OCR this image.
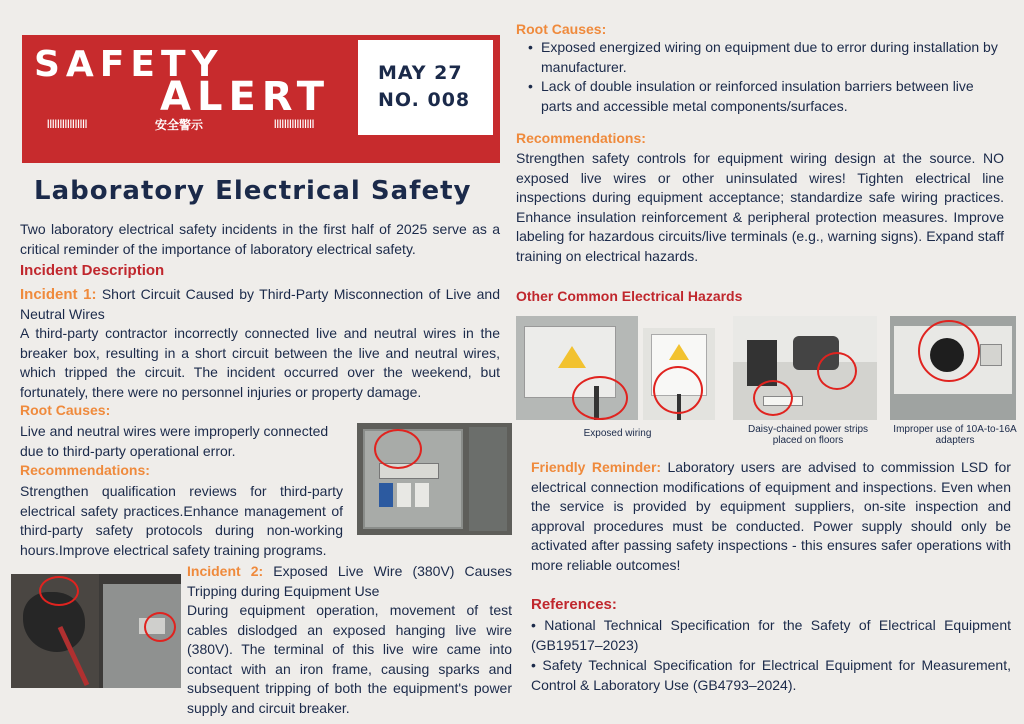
SAFETY
ALERT
||||||||||||||||	安全警示	||||||||||||||||
MAY 27
NO. 008
Laboratory Electrical Safety
Two laboratory electrical safety incidents in the first half of 2025 serve as a critical reminder of the importance of laboratory electrical safety.
Incident Description
Incident 1: Short Circuit Caused by Third-Party Misconnection of Live and Neutral Wires
A third-party contractor incorrectly connected live and neutral wires in the breaker box, resulting in a short circuit between the live and neutral wires, which tripped the circuit. The incident occurred over the weekend, but fortunately, there were no personnel injuries or property damage.
Root Causes:
Live and neutral wires were improperly connected due to third-party operational error.
Recommendations:
Strengthen qualification reviews for third-party electrical safety practices.Enhance management of third-party safety protocols during non-working hours.Improve electrical safety training programs.
Incident 2: Exposed Live Wire (380V) Causes Tripping during Equipment Use
During equipment operation, movement of test cables dislodged an exposed hanging live wire (380V). The terminal of this live wire came into contact with an iron frame, causing sparks and subsequent tripping of both the equipment's power supply and circuit breaker.
Root Causes:
• Exposed energized wiring on equipment due to error during installation by manufacturer.
• Lack of double insulation or reinforced insulation barriers between live parts and accessible metal components/surfaces.
Recommendations:
Strengthen safety controls for equipment wiring design at the source. NO exposed live wires or other uninsulated wires! Tighten electrical line inspections during equipment acceptance; standardize safe wiring practices. Enhance insulation reinforcement & peripheral protection measures. Improve labeling for hazardous circuits/live terminals (e.g., warning signs). Expand staff training on electrical hazards.
Other Common Electrical Hazards
Exposed wiring	Daisy-chained power strips placed on floors
Improper use of 10A-to-16A adapters
Friendly Reminder: Laboratory users are advised to commission LSD for electrical connection modifications of equipment and inspections. Even when the service is provided by equipment suppliers, on-site inspection and approval procedures must be conducted. Power supply should only be activated after passing safety inspections - this ensures safer operations with more reliable outcomes!
References:
• National Technical Specification for the Safety of Electrical Equipment (GB19517–2023)
• Safety Technical Specification for Electrical Equipment for Measurement, Control & Laboratory Use (GB4793–2024).
